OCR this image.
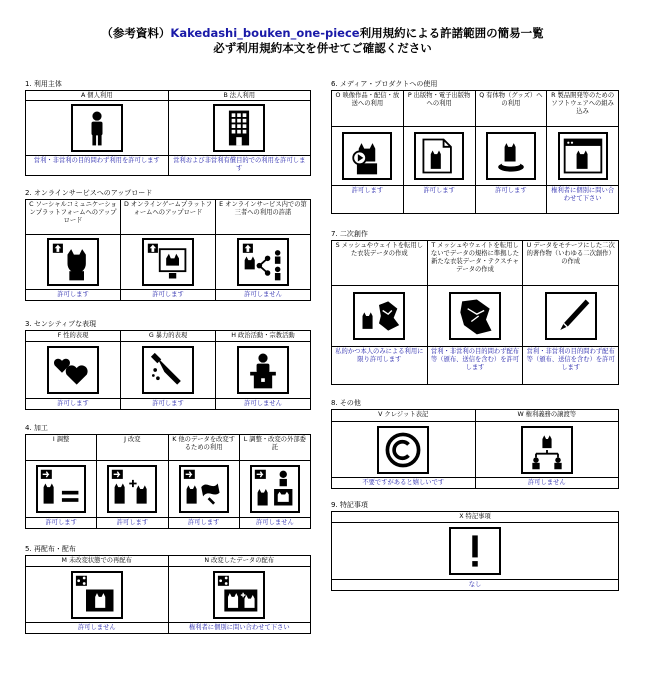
（参考資料）Kakedashi_bouken_one-piece利用規約による許諾範囲の簡易一覧
必ず利用規約本文を併せてご確認ください
1. 利用主体
A 個人利用
営利・非営利の目的問わず利用を許可します
B 法人利用
営利および非営利有償目的での利用を許可します
2. オンラインサービスへのアップロード
C ソーシャルコミュニケーションプラットフォームへのアップロード
許可します
D オンラインゲームプラットフォームへのアップロード
許可します
E オンラインサービス内での第三者への利用の許諾
許可しません
3. センシティブな表現
F 性的表現
許可します
G 暴力的表現
許可します
H 政治活動・宗教活動
許可しません
4. 加工
I 調整
許可します
J 改変
許可します
K 他のデータを改変するための利用
許可します
L 調整・改変の外部委託
許可しません
5. 再配布・配布
M 未改変状態での再配布
許可しません
N 改変したデータの配布
権利者に個別に問い合わせて下さい
6. メディア・プロダクトへの使用
O 映像作品・配信・放送への利用
許可します
P 出版物・電子出版物への利用
許可します
Q 有体物（グッズ）への利用
許可します
R 製品開発等のためのソフトウェアへの組み込み
権利者に個別に問い合わせて下さい
7. 二次創作
S メッシュやウェイトを転用した衣装データの作成
私的かつ本人のみによる利用に限り許可します
T メッシュやウェイトを転用しないでデータの規格に準拠した新たな衣装データ・テクスチャデータの作成
営利・非営利の目的問わず配布等（頒布、送信を含む）を許可します
U データをモチーフにした二次的著作物（いわゆる二次創作）の作成
営利・非営利の目的問わず配布等（頒布、送信を含む）を許可します
8. その他
V クレジット表記
不要ですがあると嬉しいです
W 権利義務の譲渡等
許可しません
9. 特記事項
X 特記事項
なし
